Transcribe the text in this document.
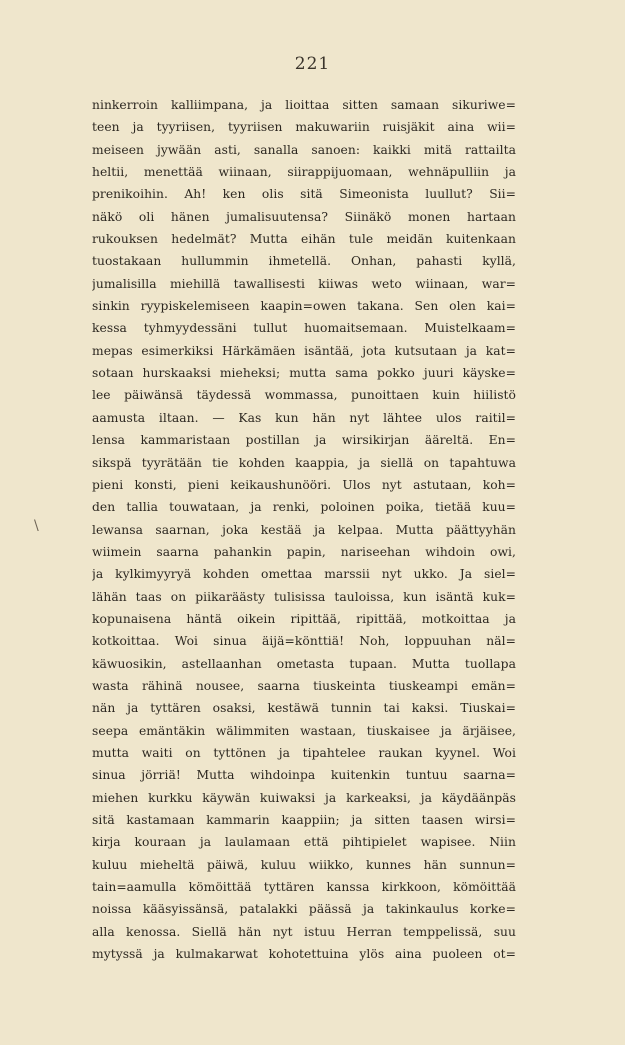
221
\
ninkerroin kalliimpana, ja lioittaa sitten samaan sikuriwe=
teen ja tyyriisen, tyyriisen makuwariin ruisjäkit aina wii=
meiseen jywään asti, sanalla sanoen: kaikki mitä rattailta
heltii, menettää wiinaan, siirappijuomaan, wehnäpulliin ja
prenikoihin. Ah! ken olis sitä Simeonista luullut? Sii=
näkö oli hänen jumalisuutensa? Siinäkö monen hartaan
rukouksen hedelmät? Mutta eihän tule meidän kuitenkaan
tuostakaan hullummin ihmetellä. Onhan, pahasti kyllä,
jumalisilla miehillä tawallisesti kiiwas weto wiinaan, war=
sinkin ryypiskelemiseen kaapin=owen takana. Sen olen kai=
kessa tyhmyydessäni tullut huomaitsemaan. Muistelkaam=
mepas esimerkiksi Härkämäen isäntää, jota kutsutaan ja kat=
sotaan hurskaaksi mieheksi; mutta sama pokko juuri käyske=
lee päiwänsä täydessä wommassa, punoittaen kuin hiilistö
aamusta iltaan. — Kas kun hän nyt lähtee ulos raitil=
lensa kammaristaan postillan ja wirsikirjan ääreltä. En=
sikspä tyyrätään tie kohden kaappia, ja siellä on tapahtuwa
pieni konsti, pieni keikaushunööri. Ulos nyt astutaan, koh=
den tallia touwataan, ja renki, poloinen poika, tietää kuu=
lewansa saarnan, joka kestää ja kelpaa. Mutta päättyyhän
wiimein saarna pahankin papin, nariseehan wihdoin owi,
ja kylkimyyryä kohden omettaa marssii nyt ukko. Ja siel=
lähän taas on piikaräästy tulisissa tauloissa, kun isäntä kuk=
kopunaisena häntä oikein ripittää, ripittää, motkoittaa ja
kotkoittaa. Woi sinua äijä=könttiä! Noh, loppuuhan näl=
käwuosikin, astellaanhan ometasta tupaan. Mutta tuollapa
wasta rähinä nousee, saarna tiuskeinta tiuskeampi emän=
nän ja tyttären osaksi, kestäwä tunnin tai kaksi. Tiuskai=
seepa emäntäkin wälimmiten wastaan, tiuskaisee ja ärjäisee,
mutta waiti on tyttönen ja tipahtelee raukan kyynel. Woi
sinua jörriä! Mutta wihdoinpa kuitenkin tuntuu saarna=
miehen kurkku käywän kuiwaksi ja karkeaksi, ja käydäänpäs
sitä kastamaan kammarin kaappiin; ja sitten taasen wirsi=
kirja kouraan ja laulamaan että pihtipielet wapisee. Niin
kuluu mieheltä päiwä, kuluu wiikko, kunnes hän sunnun=
tain=aamulla kömöittää tyttären kanssa kirkkoon, kömöittää
noissa kääsyissänsä, patalakki päässä ja takinkaulus korke=
alla kenossa. Siellä hän nyt istuu Herran temppelissä, suu
mytyssä ja kulmakarwat kohotettuina ylös aina puoleen ot=
